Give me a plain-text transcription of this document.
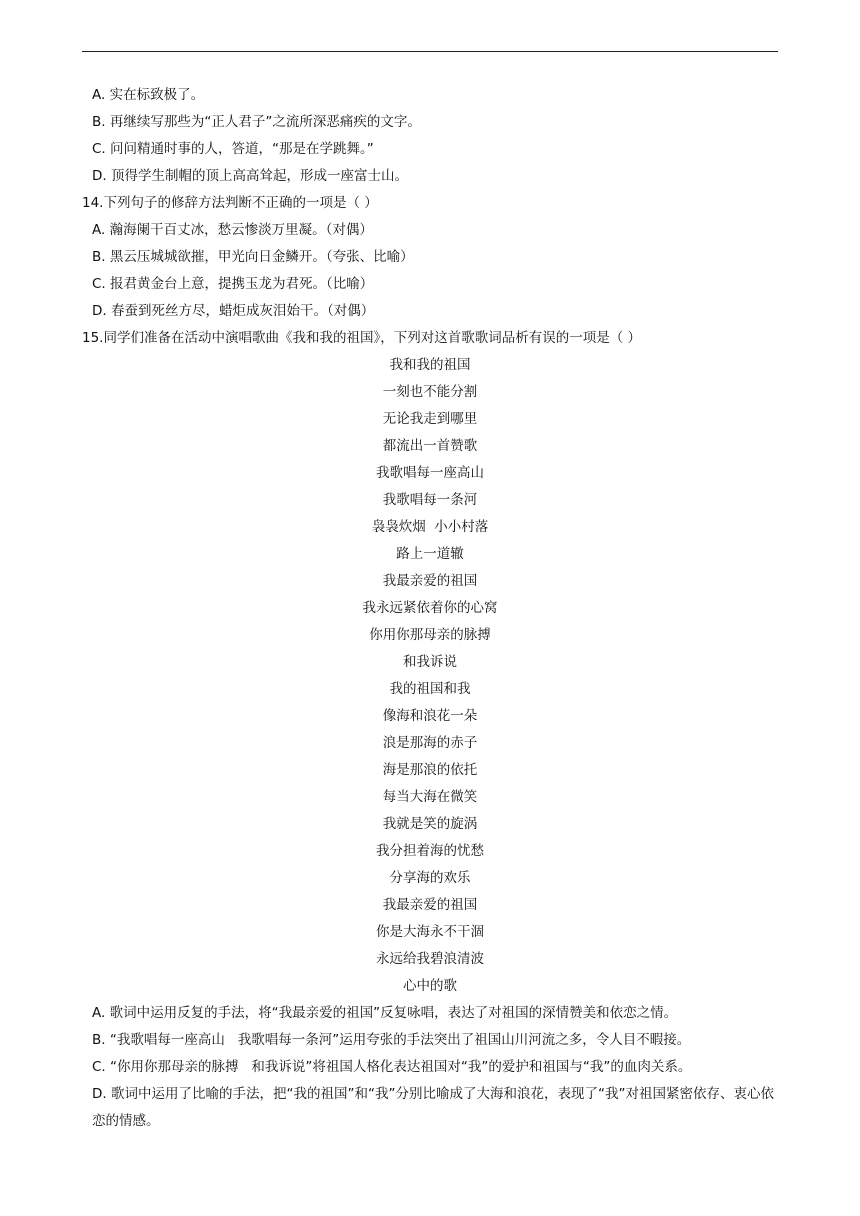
A. 实在标致极了。
B. 再继续写那些为“正人君子”之流所深恶痛疾的文字。
C. 问问精通时事的人，答道，“那是在学跳舞。”
D. 顶得学生制帽的顶上高高耸起，形成一座富士山。
14.下列句子的修辞方法判断不正确的一项是（ ）
A. 瀚海阑干百丈冰，愁云惨淡万里凝。（对偶）
B. 黑云压城城欲摧，甲光向日金鳞开。（夸张、比喻）
C. 报君黄金台上意，提携玉龙为君死。（比喻）
D. 春蚕到死丝方尽，蜡炬成灰泪始干。（对偶）
15.同学们准备在活动中演唱歌曲《我和我的祖国》，下列对这首歌歌词品析有误的一项是（ ）
我和我的祖国
一刻也不能分割
无论我走到哪里
都流出一首赞歌
我歌唱每一座高山
我歌唱每一条河
袅袅炊烟  小小村落
路上一道辙
我最亲爱的祖国
我永远紧依着你的心窝
你用你那母亲的脉搏
和我诉说
我的祖国和我
像海和浪花一朵
浪是那海的赤子
海是那浪的依托
每当大海在微笑
我就是笑的旋涡
我分担着海的忧愁
分享海的欢乐
我最亲爱的祖国
你是大海永不干涸
永远给我碧浪清波
心中的歌
A. 歌词中运用反复的手法，将“我最亲爱的祖国”反复咏唱，表达了对祖国的深情赞美和依恋之情。
B. “我歌唱每一座高山   我歌唱每一条河”运用夸张的手法突出了祖国山川河流之多，令人目不暇接。
C. “你用你那母亲的脉搏   和我诉说”将祖国人格化表达祖国对“我”的爱护和祖国与“我”的血肉关系。
D. 歌词中运用了比喻的手法，把“我的祖国”和“我”分别比喻成了大海和浪花，表现了“我”对祖国紧密依存、衷心依恋的情感。
